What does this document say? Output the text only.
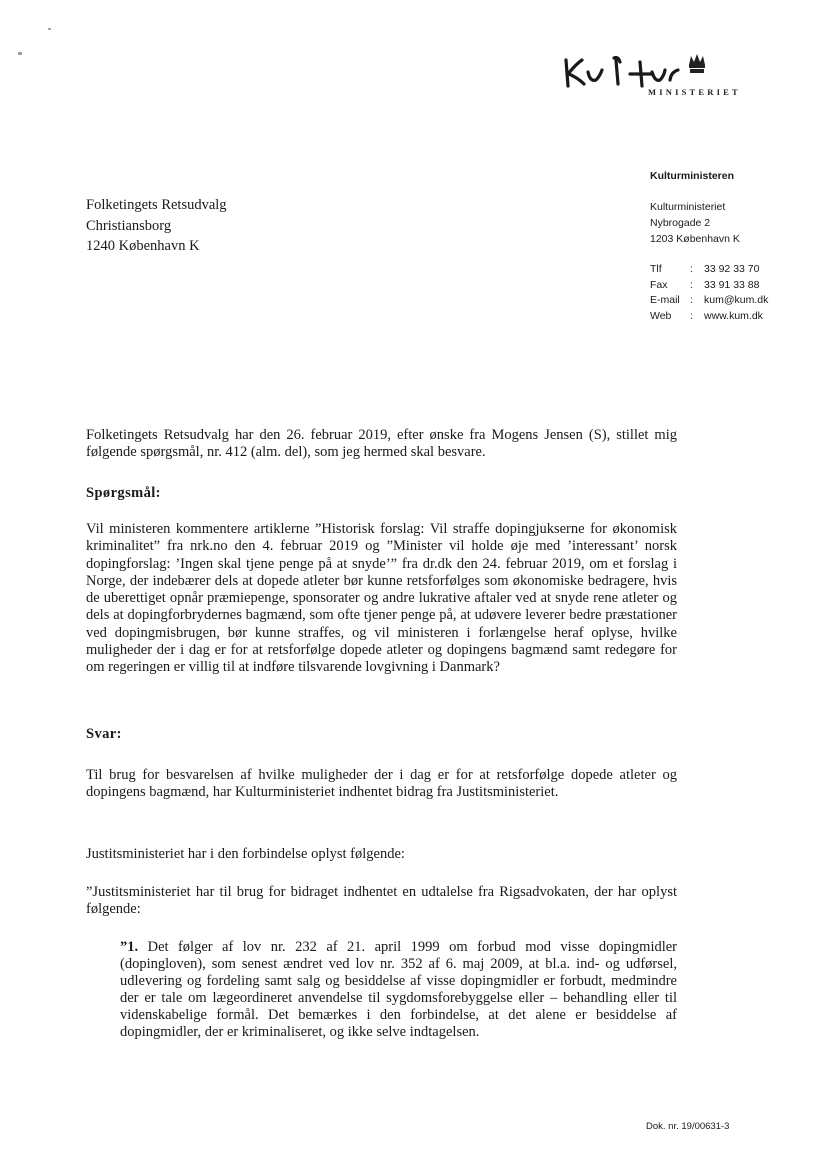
MINISTERIET
Kulturministeren
Kulturministeriet
Nybrogade 2
1203 København K
Tlf	:	33 92 33 70
Fax	:	33 91 33 88
E-mail :	kum@kum.dk
Web	:	www.kum.dk
Folketingets Retsudvalg
Christiansborg
1240 København K
Folketingets Retsudvalg har den 26. februar 2019, efter ønske fra Mogens Jensen (S), stillet mig følgende spørgsmål, nr. 412 (alm. del), som jeg hermed skal besvare.
Spørgsmål:
Vil ministeren kommentere artiklerne ”Historisk forslag: Vil straffe dopingjukserne for økonomisk kriminalitet” fra nrk.no den 4. februar 2019 og ”Minister vil holde øje med ’interessant’ norsk dopingforslag: ’Ingen skal tjene penge på at snyde’” fra dr.dk den 24. februar 2019, om et forslag i Norge, der indebærer dels at dopede atleter bør kunne retsforfølges som økonomiske bedragere, hvis de uberettiget opnår præmiepenge, sponsorater og andre lukrative aftaler ved at snyde rene atleter og dels at dopingforbrydernes bagmænd, som ofte tjener penge på, at udøvere leverer bedre præstationer ved dopingmisbrugen, bør kunne straffes, og vil ministeren i forlængelse heraf oplyse, hvilke muligheder der i dag er for at retsforfølge dopede atleter og dopingens bagmænd samt redegøre for om regeringen er villig til at indføre tilsvarende lovgivning i Danmark?
Svar:
Til brug for besvarelsen af hvilke muligheder der i dag er for at retsforfølge dopede atleter og dopingens bagmænd, har Kulturministeriet indhentet bidrag fra Justitsministeriet.
Justitsministeriet har i den forbindelse oplyst følgende:
”Justitsministeriet har til brug for bidraget indhentet en udtalelse fra Rigsadvokaten, der har oplyst følgende:
”1. Det følger af lov nr. 232 af 21. april 1999 om forbud mod visse dopingmidler (dopingloven), som senest ændret ved lov nr. 352 af 6. maj 2009, at bl.a. ind- og udførsel, udlevering og fordeling samt salg og besiddelse af visse dopingmidler er forbudt, medmindre der er tale om lægeordineret anvendelse til sygdomsforebyggelse eller – behandling eller til videnskabelige formål. Det bemærkes i den forbindelse, at det alene er besiddelse af dopingmidler, der er kriminaliseret, og ikke selve indtagelsen.
Dok. nr. 19/00631-3
